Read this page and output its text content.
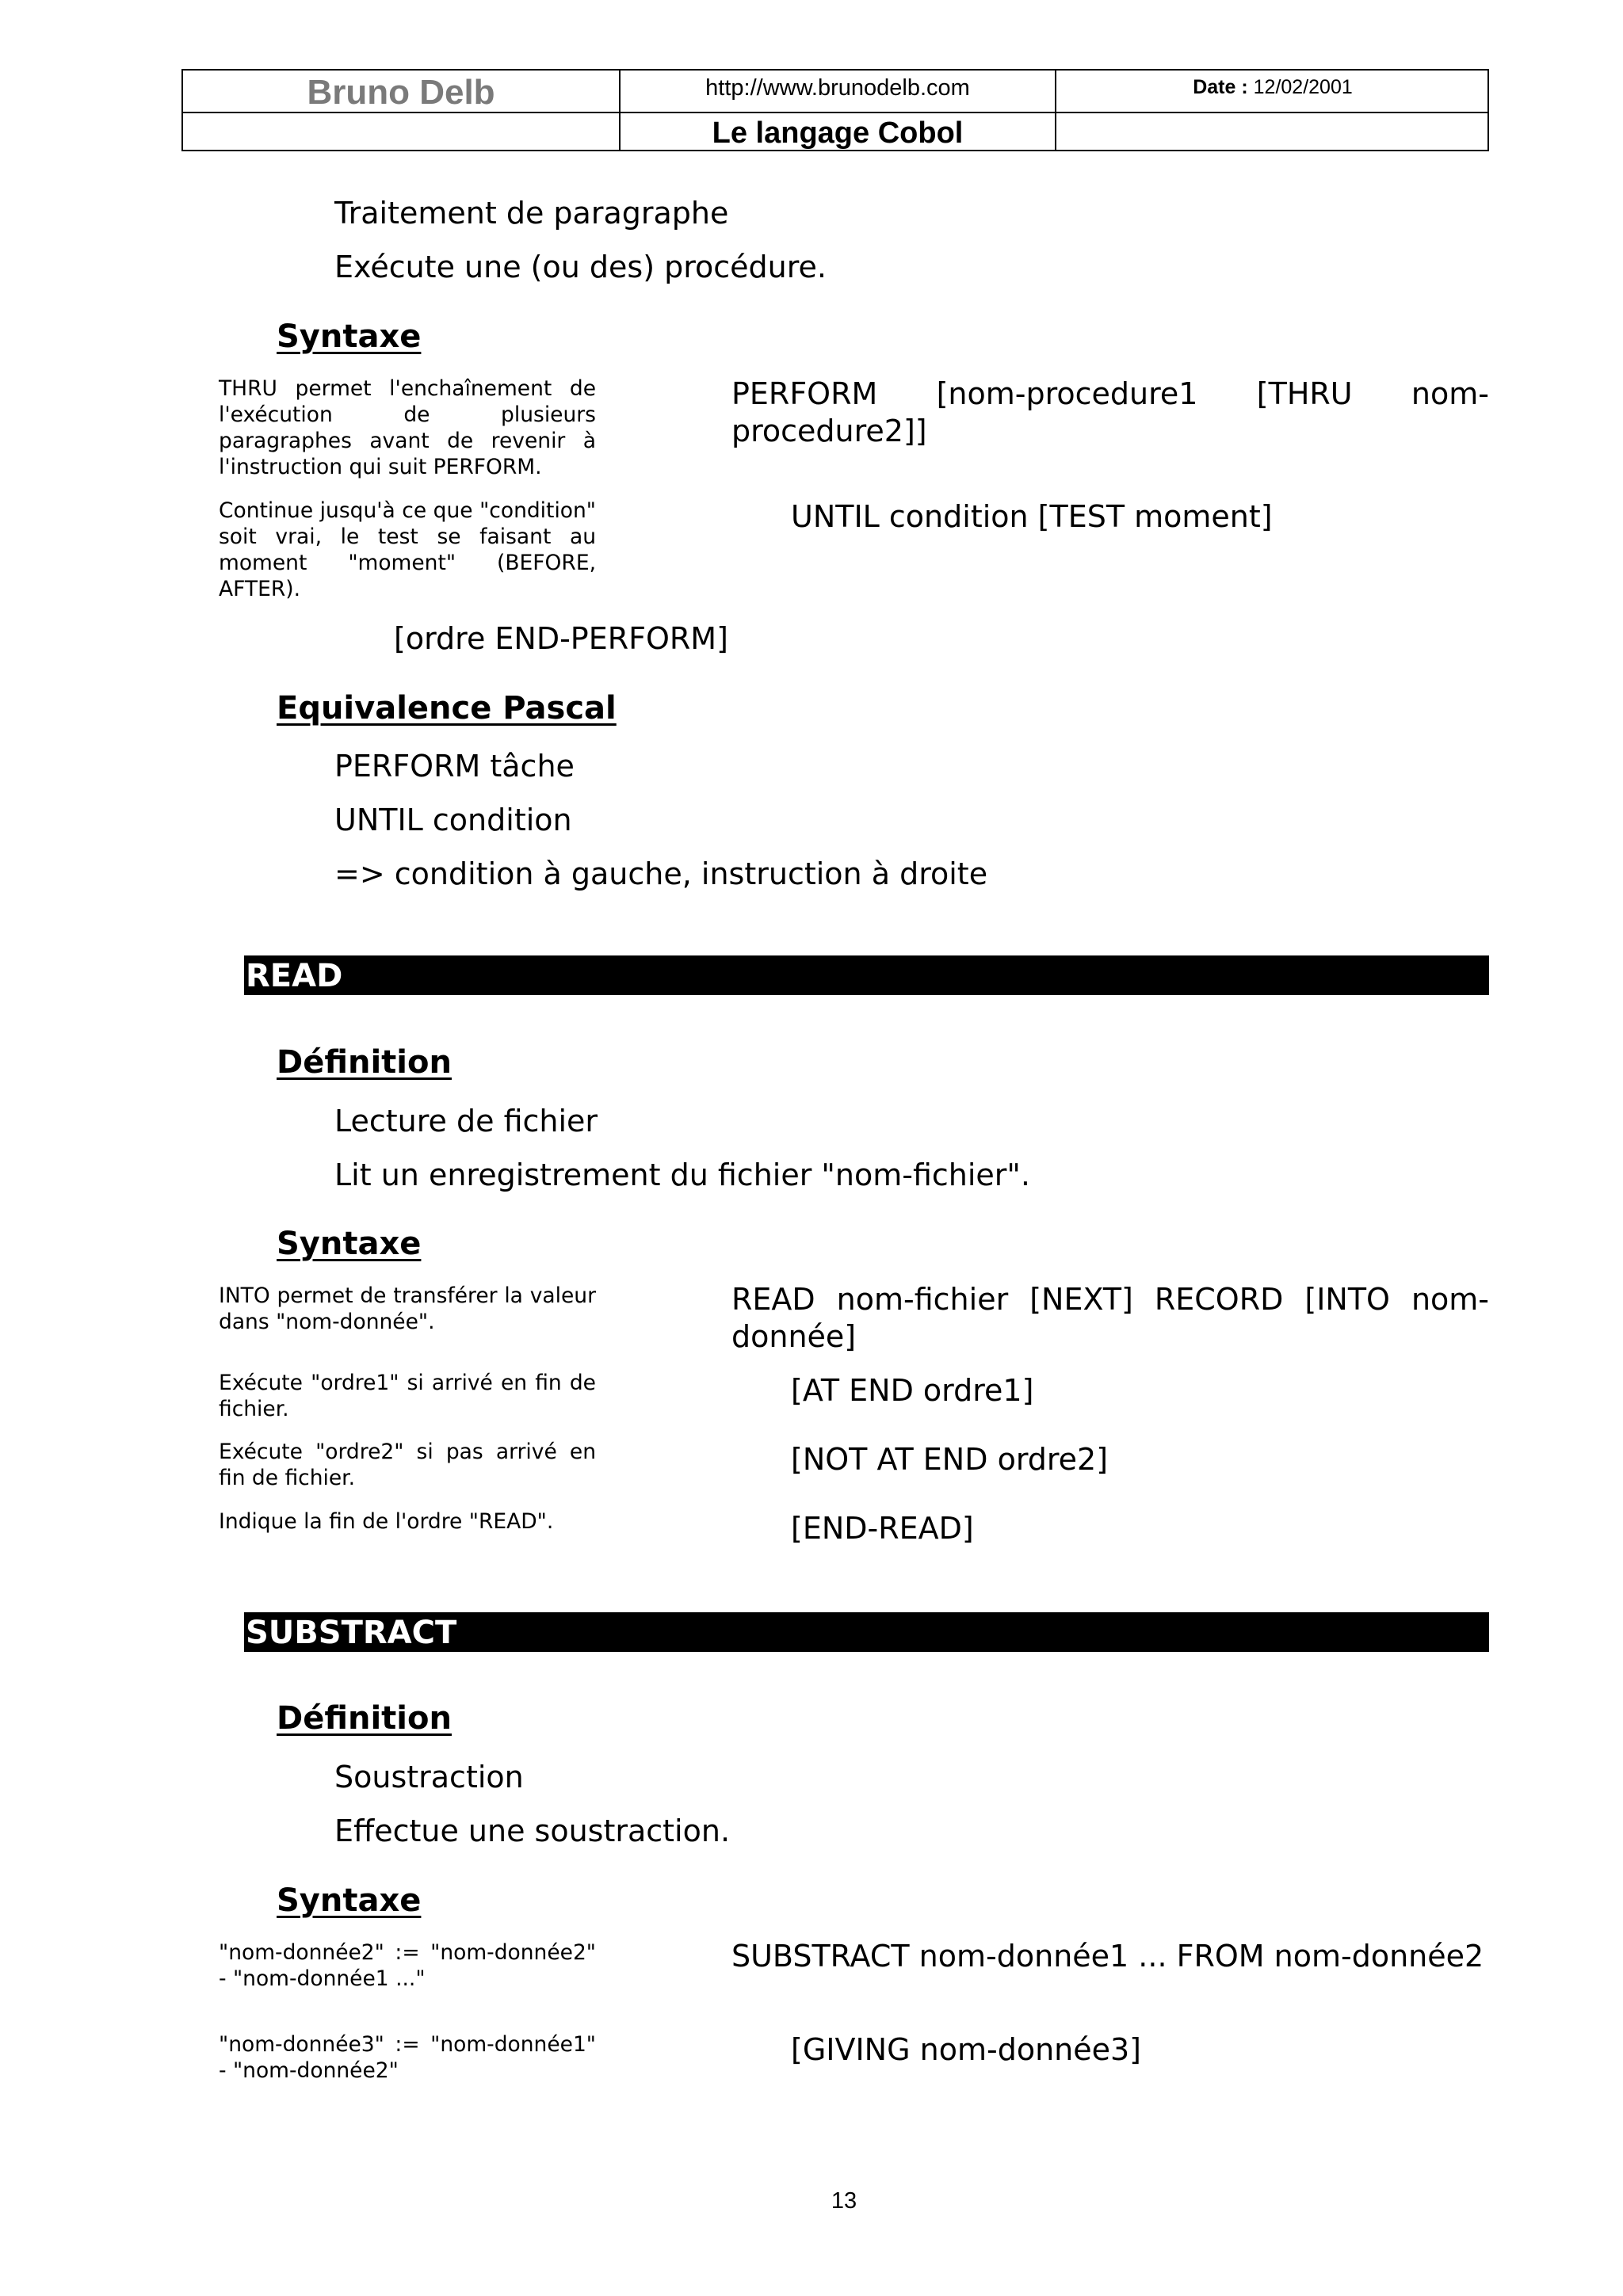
Bruno Delb	http://www.brunodelb.com	Date : 12/02/2001
Le langage Cobol
Traitement de paragraphe
Exécute une (ou des) procédure.
Syntaxe
THRU permet l'enchaînement de l'exécution de plusieurs paragraphes avant de revenir à l'instruction qui suit PERFORM.
Continue jusqu'à ce que "condition" soit vrai, le test se faisant au moment "moment" (BEFORE, AFTER).
PERFORM [nom-procedure1 [THRU nom-procedure2]]
UNTIL condition [TEST moment]
[ordre END-PERFORM]
Equivalence Pascal
PERFORM tâche
UNTIL condition
=> condition à gauche, instruction à droite
READ
Définition
Lecture de fichier
Lit un enregistrement du fichier "nom-fichier".
Syntaxe
INTO permet de transférer la valeur dans "nom-donnée".
Exécute "ordre1" si arrivé en fin de fichier.
Exécute "ordre2" si pas arrivé en fin de fichier.
Indique la fin de l'ordre "READ".
READ nom-fichier [NEXT] RECORD [INTO nom-donnée]
[AT END ordre1]
[NOT AT END ordre2]
[END-READ]
SUBSTRACT
Définition
Soustraction
Effectue une soustraction.
Syntaxe
"nom-donnée2" := "nom-donnée2" - "nom-donnée1 ..."
"nom-donnée3" := "nom-donnée1" - "nom-donnée2"
SUBSTRACT nom-donnée1 ... FROM nom-donnée2
[GIVING nom-donnée3]
13
